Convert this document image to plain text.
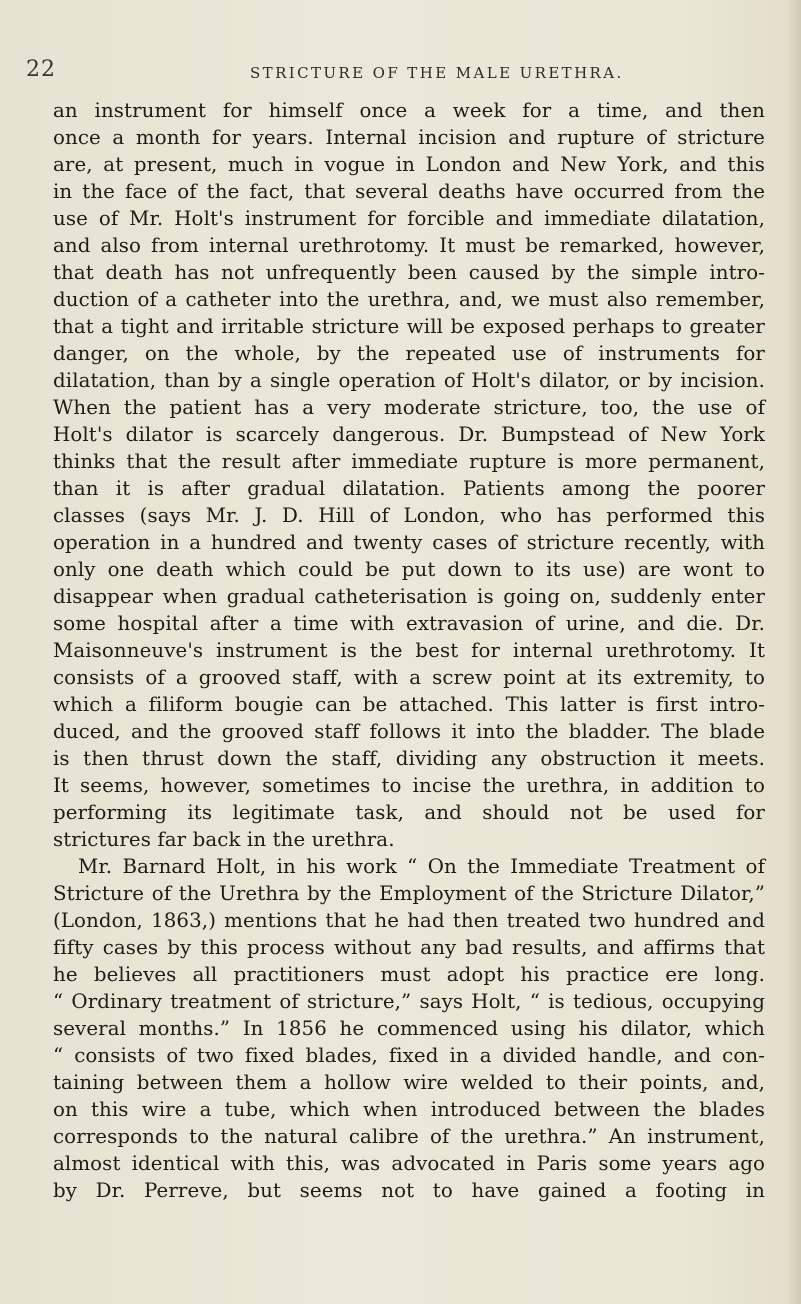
22	STRICTURE OF THE MALE URETHRA.
an instrument for himself once a week for a time, and then
once a month for years. Internal incision and rupture of stricture
are, at present, much in vogue in London and New York, and this
in the face of the fact, that several deaths have occurred from the
use of Mr. Holt's instrument for forcible and immediate dilatation,
and also from internal urethrotomy. It must be remarked, however,
that death has not unfrequently been caused by the simple intro-
duction of a catheter into the urethra, and, we must also remember,
that a tight and irritable stricture will be exposed perhaps to greater
danger, on the whole, by the repeated use of instruments for
dilatation, than by a single operation of Holt's dilator, or by incision.
When the patient has a very moderate stricture, too, the use of
Holt's dilator is scarcely dangerous. Dr. Bumpstead of New York
thinks that the result after immediate rupture is more permanent,
than it is after gradual dilatation. Patients among the poorer
classes (says Mr. J. D. Hill of London, who has performed this
operation in a hundred and twenty cases of stricture recently, with
only one death which could be put down to its use) are wont to
disappear when gradual catheterisation is going on, suddenly enter
some hospital after a time with extravasion of urine, and die. Dr.
Maisonneuve's instrument is the best for internal urethrotomy. It
consists of a grooved staff, with a screw point at its extremity, to
which a filiform bougie can be attached. This latter is first intro-
duced, and the grooved staff follows it into the bladder. The blade
is then thrust down the staff, dividing any obstruction it meets.
It seems, however, sometimes to incise the urethra, in addition to
performing its legitimate task, and should not be used for
strictures far back in the urethra.
Mr. Barnard Holt, in his work “ On the Immediate Treatment of
Stricture of the Urethra by the Employment of the Stricture Dilator,”
(London, 1863,) mentions that he had then treated two hundred and
fifty cases by this process without any bad results, and affirms that
he believes all practitioners must adopt his practice ere long.
“ Ordinary treatment of stricture,” says Holt, “ is tedious, occupying
several months.” In 1856 he commenced using his dilator, which
“ consists of two fixed blades, fixed in a divided handle, and con-
taining between them a hollow wire welded to their points, and,
on this wire a tube, which when introduced between the blades
corresponds to the natural calibre of the urethra.” An instrument,
almost identical with this, was advocated in Paris some years ago
by Dr. Perreve, but seems not to have gained a footing in
